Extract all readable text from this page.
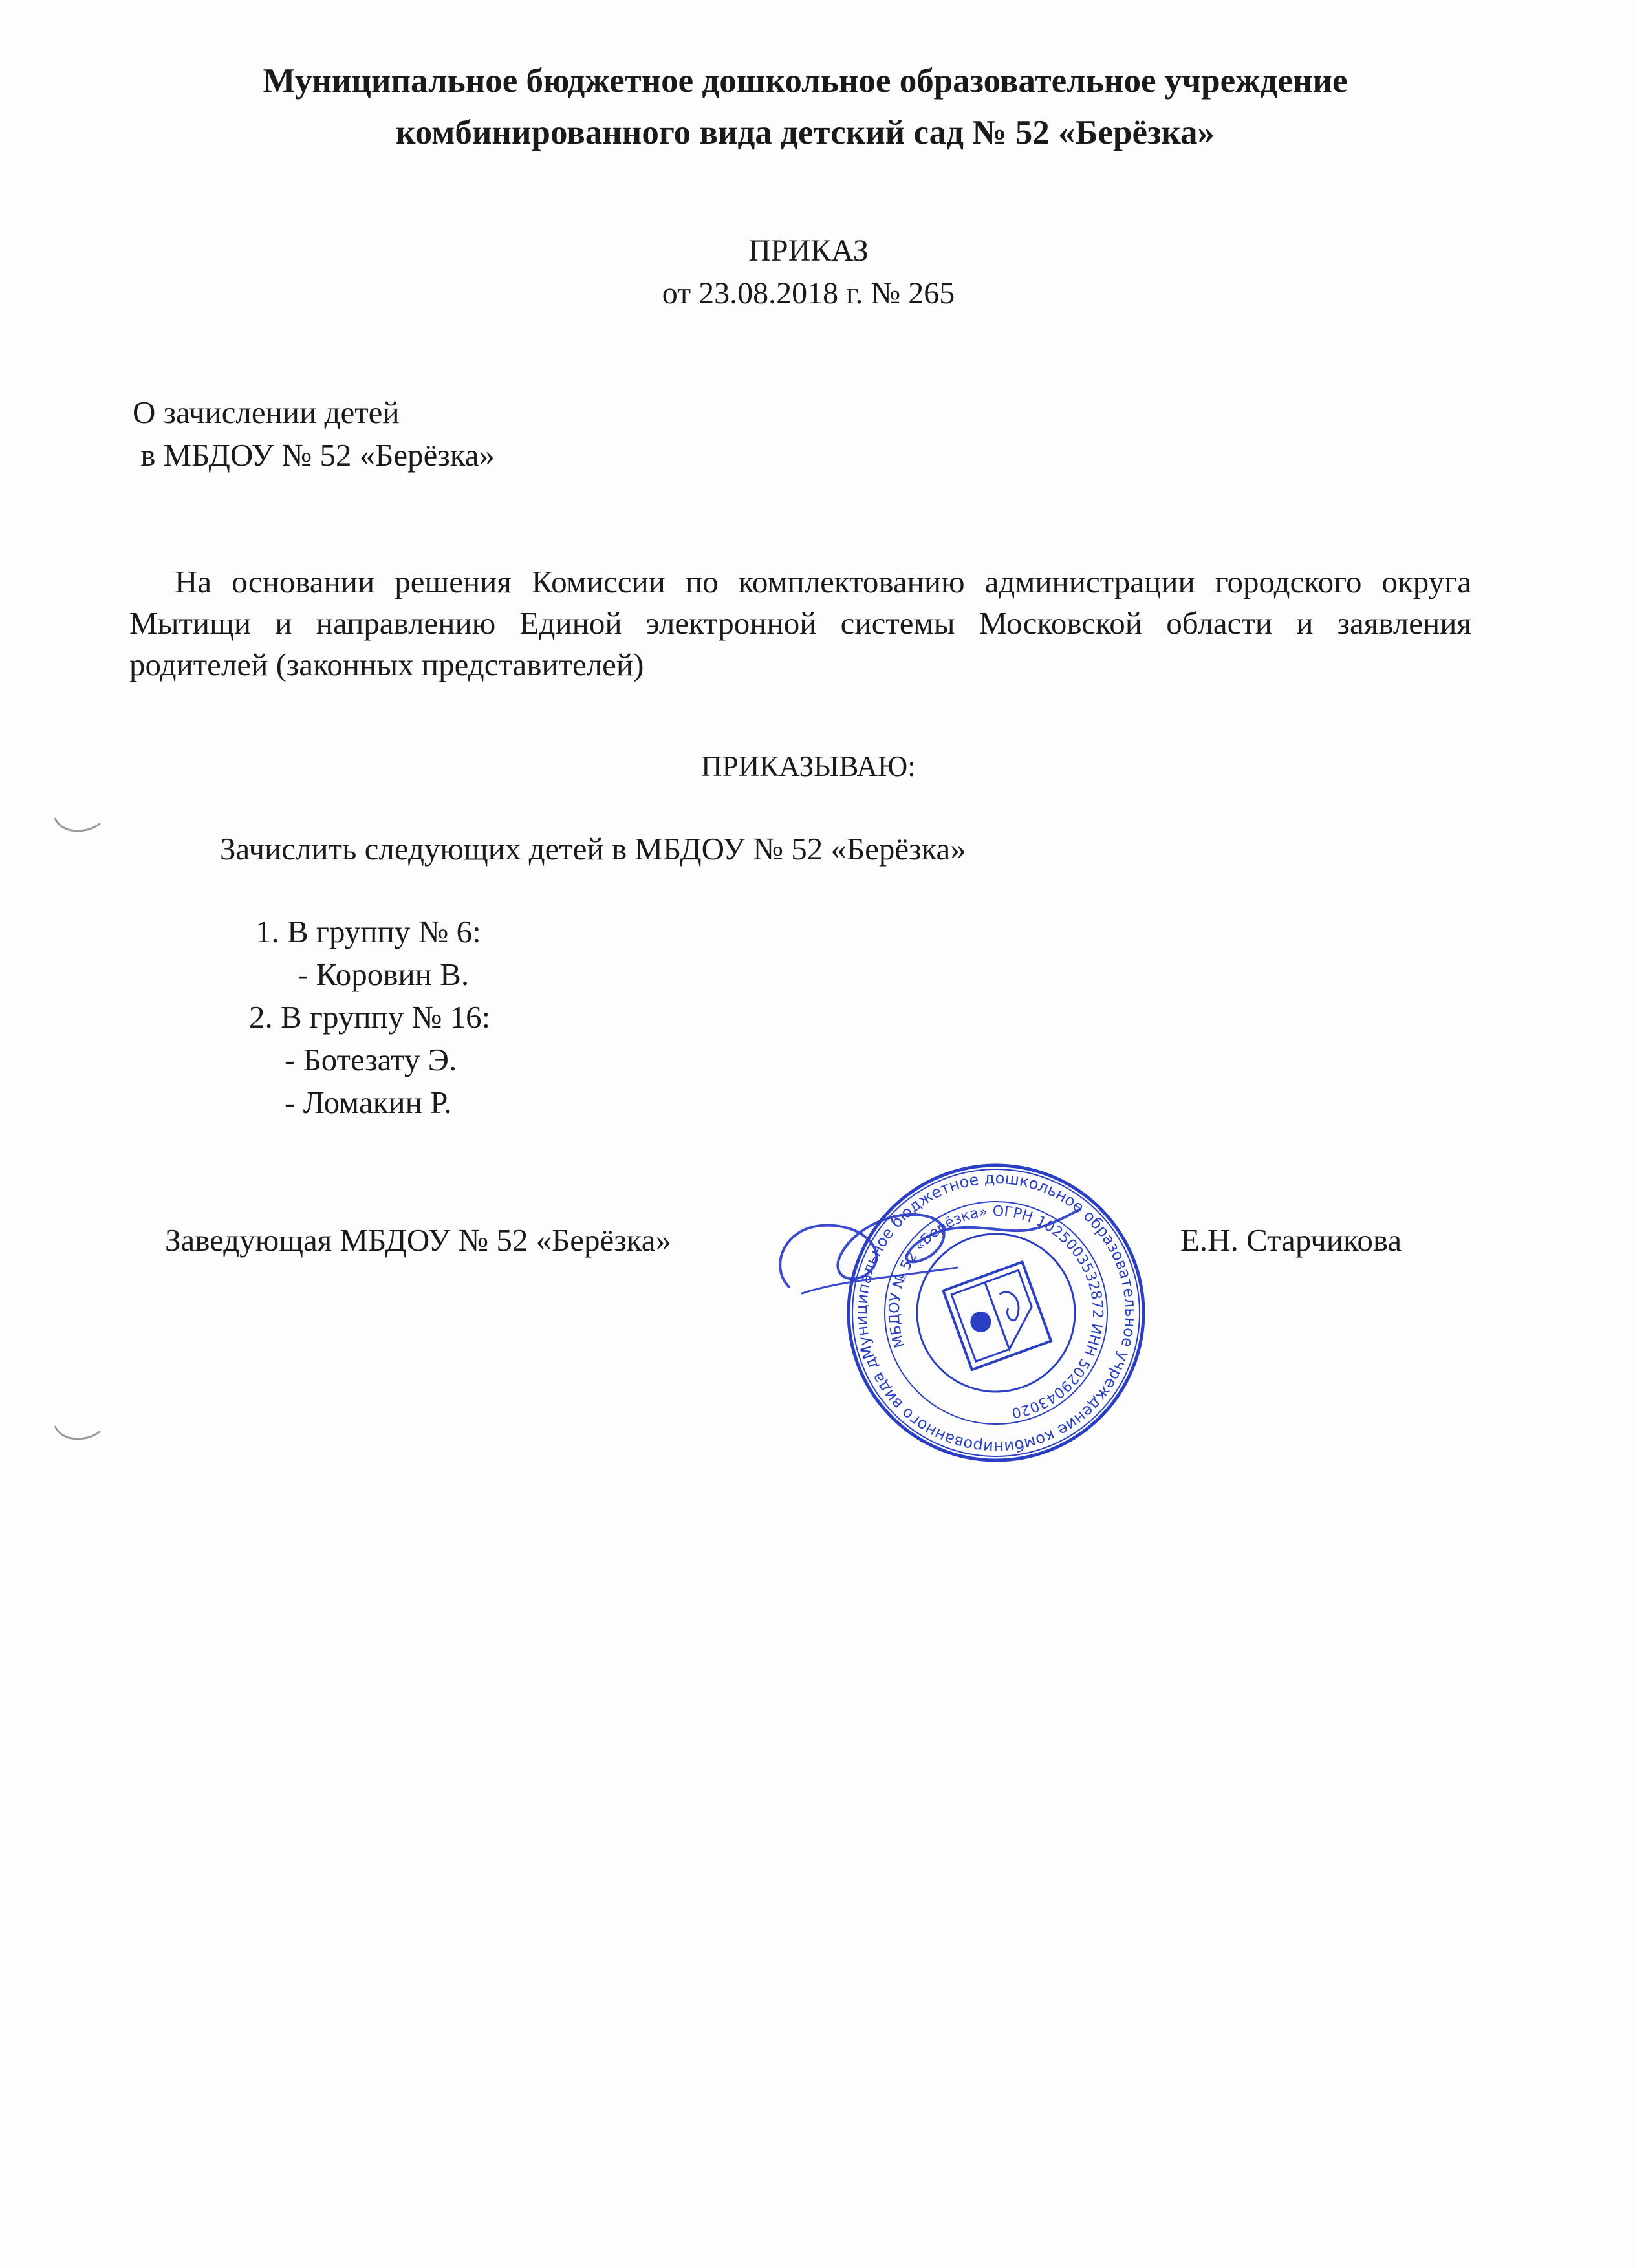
Муниципальное бюджетное дошкольное образовательное учреждение
комбинированного вида детский сад № 52 «Берёзка»
ПРИКАЗ
от 23.08.2018 г. № 265
О зачислении детей
в МБДОУ № 52 «Берёзка»
На основании решения Комиссии по комплектованию администрации городского округа Мытищи и направлению Единой электронной системы Московской области и заявления родителей (законных представителей)
ПРИКАЗЫВАЮ:
Зачислить следующих детей в МБДОУ № 52 «Берёзка»
1. В группу № 6:
- Коровин В.
2. В группу № 16:
- Ботезату Э.
- Ломакин Р.
Заведующая МБДОУ № 52 «Берёзка»	Е.Н. Старчикова
Муниципальное бюджетное дошкольное образовательное учреждение комбинированного вида детский
МБДОУ № 52 «Берёзка» ОГРН 1025003532872 ИНН 5029043020
